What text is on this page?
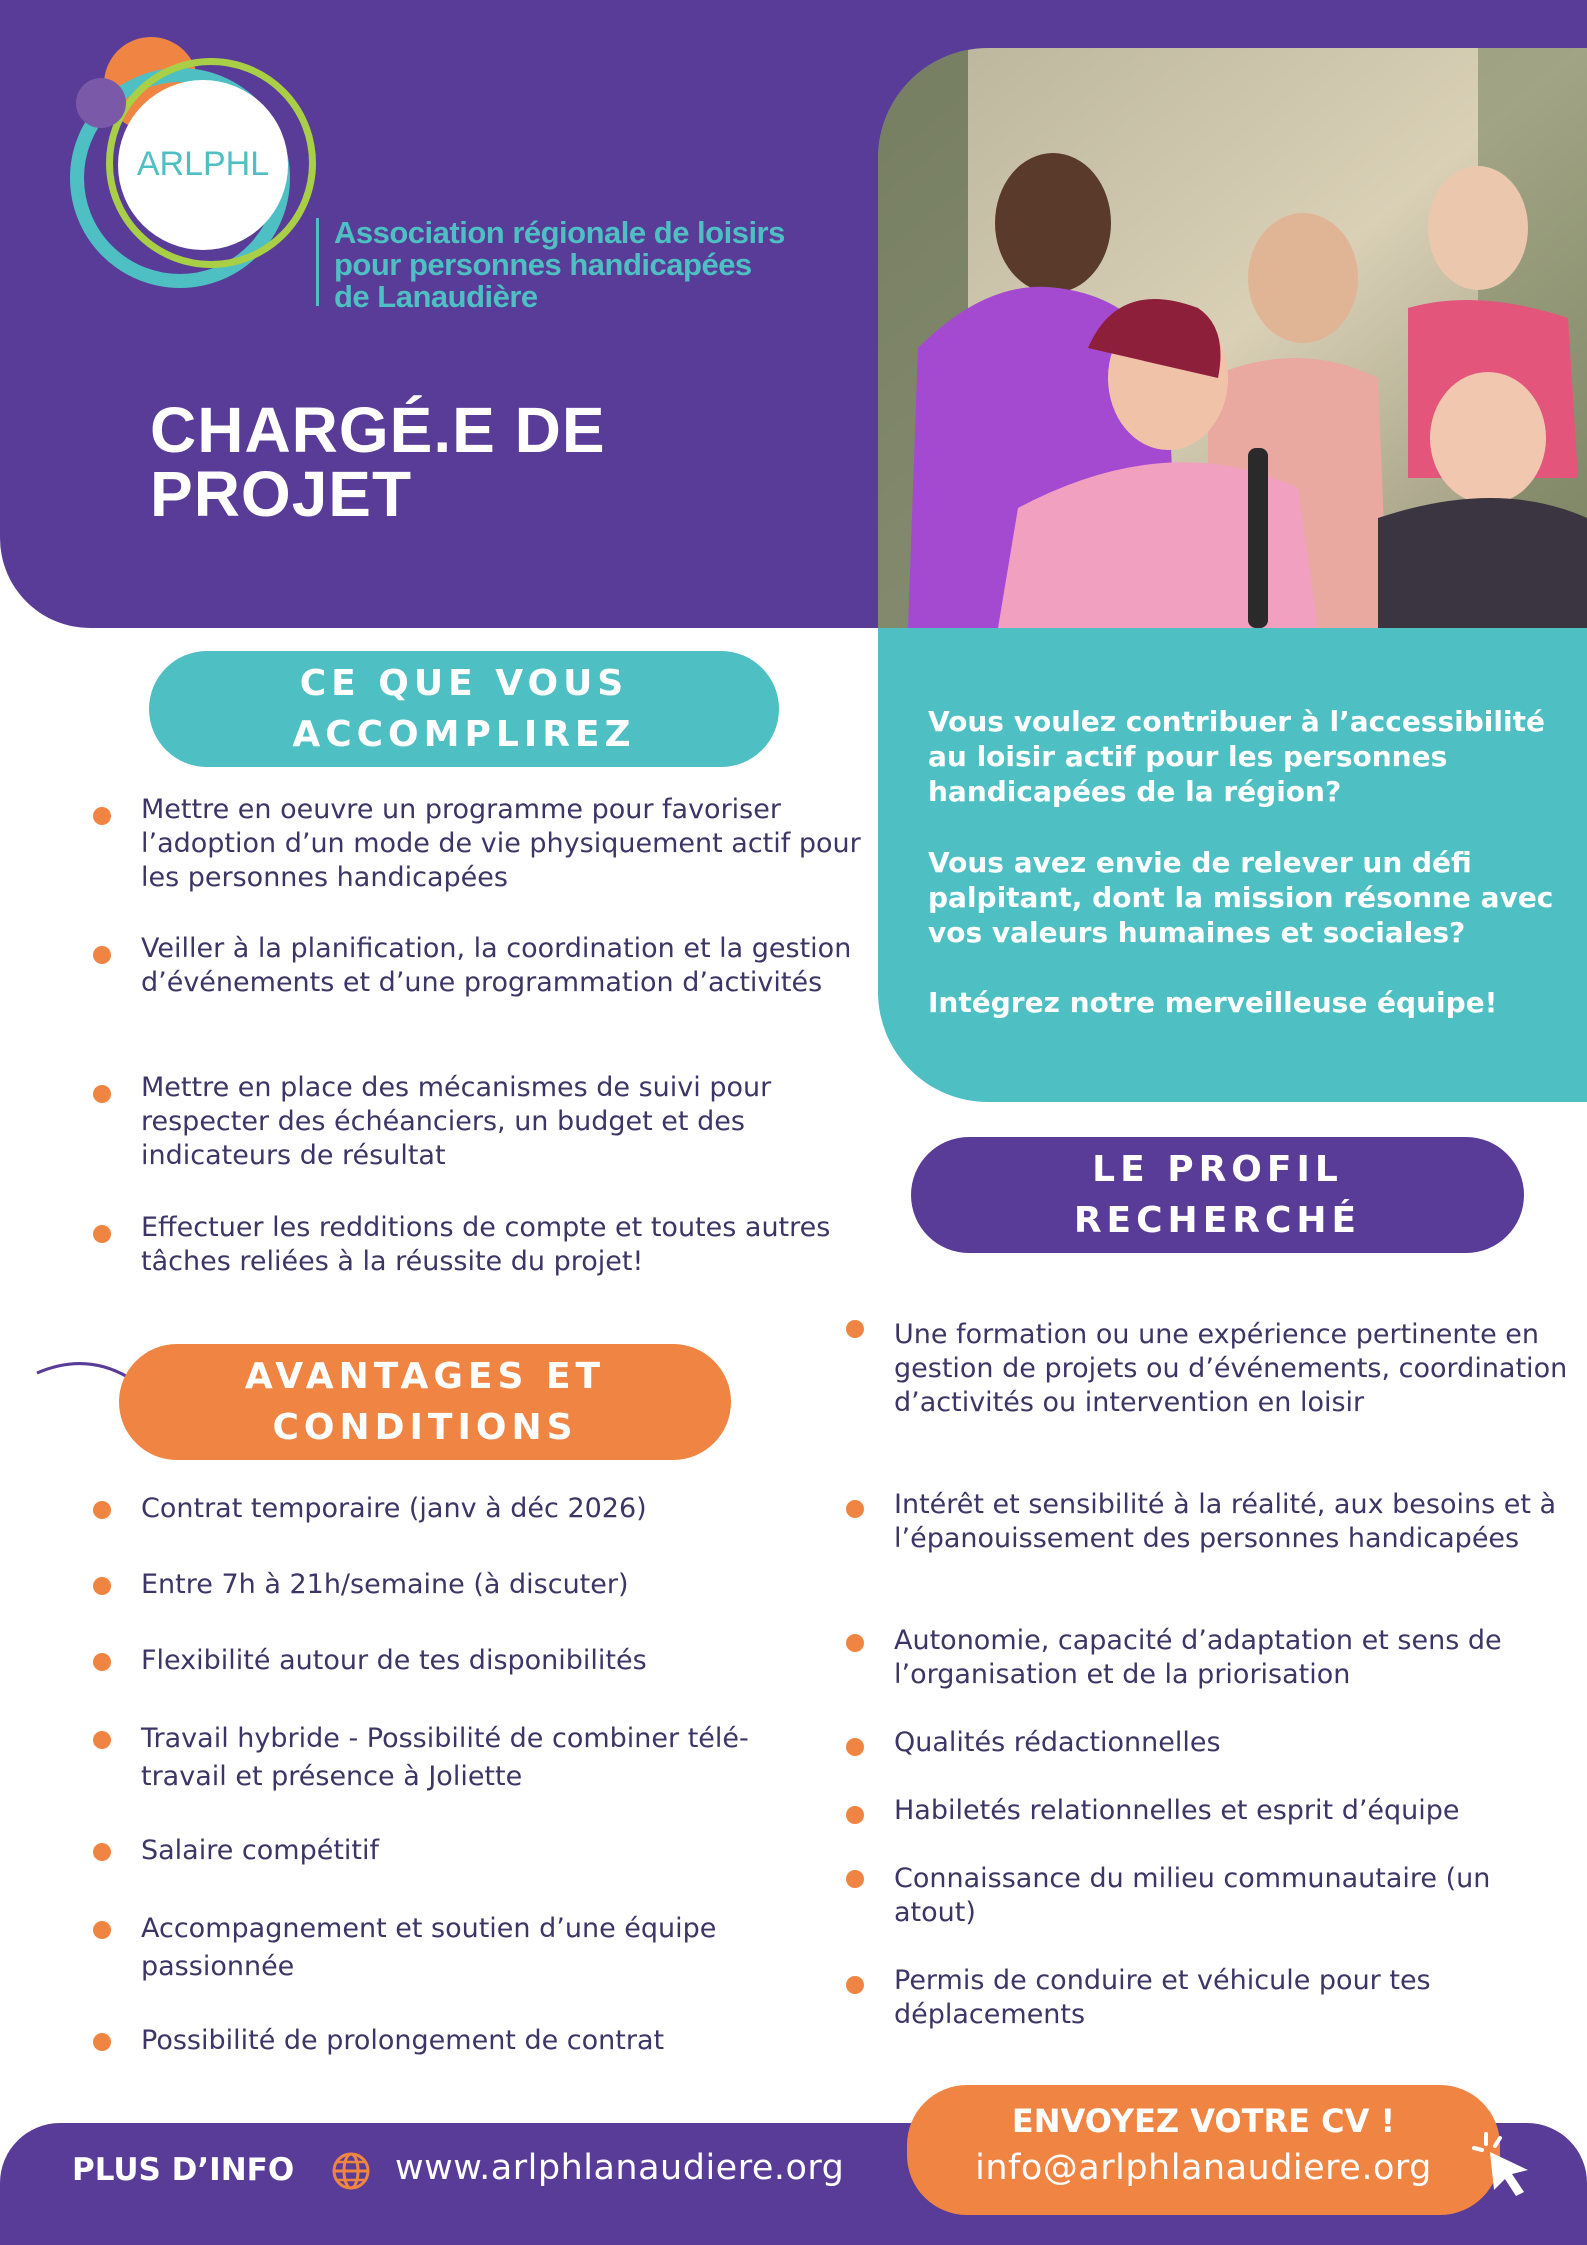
ARLPHL
Association régionale de loisirs
pour personnes handicapées
de Lanaudière
CHARGÉ.E DE
PROJET

Vous voulez contribuer à l’accessibilité au loisir actif pour les personnes handicapées de la région?

Vous avez envie de relever un défi palpitant, dont la mission résonne avec vos valeurs humaines et sociales?

Intégrez notre merveilleuse équipe!

CE QUE VOUS
ACCOMPLIREZ
Mettre en oeuvre un programme pour favoriser l’adoption d’un mode de vie physiquement actif pour les personnes handicapées
Veiller à la planification, la coordination et la gestion d’événements et d’une programmation d’activités
Mettre en place des mécanismes de suivi pour respecter des échéanciers, un budget et des indicateurs de résultat
Effectuer les redditions de compte et toutes autres tâches reliées à la réussite du projet!
AVANTAGES ET
CONDITIONS
Contrat temporaire (janv à déc 2026)
Entre 7h à 21h/semaine (à discuter)
Flexibilité autour de tes disponibilités
Travail hybride - Possibilité de combiner télé-travail et présence à Joliette
Salaire compétitif
Accompagnement et soutien d’une équipe passionnée
Possibilité de prolongement de contrat
LE PROFIL
RECHERCHÉ
Une formation ou une expérience pertinente en gestion de projets ou d’événements, coordination d’activités ou intervention en loisir
Intérêt et sensibilité à la réalité, aux besoins et à l’épanouissement des personnes handicapées
Autonomie, capacité d’adaptation et sens de l’organisation et de la priorisation
Qualités rédactionnelles
Habiletés relationnelles et esprit d’équipe
Connaissance du milieu communautaire (un atout)
Permis de conduire et véhicule pour tes déplacements
PLUS D’INFO	www.arlphlanaudiere.org
ENVOYEZ VOTRE CV !
info@arlphlanaudiere.org
